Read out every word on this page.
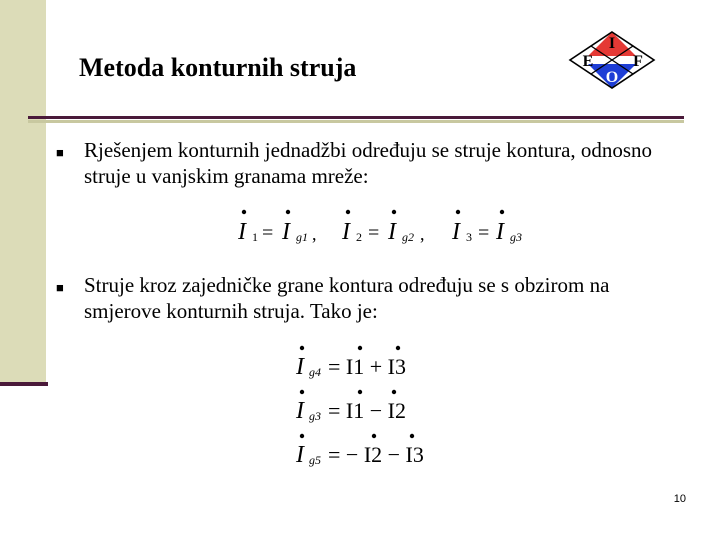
Metoda konturnih struja
I
E F
O
■ Rješenjem konturnih jednadžbi određuju se struje kontura, odnosno struje u vanjskim granama mreže:
I 1 = I g1 , I 2 = I g2 , I 3 = I g3
■ Struje kroz zajedničke grane kontura određuju se s obzirom na smjerove konturnih struja. Tako je:
I g4 = I1 + I3
I g3 = I1 − I2
I g5 = − I2 − I3
10
